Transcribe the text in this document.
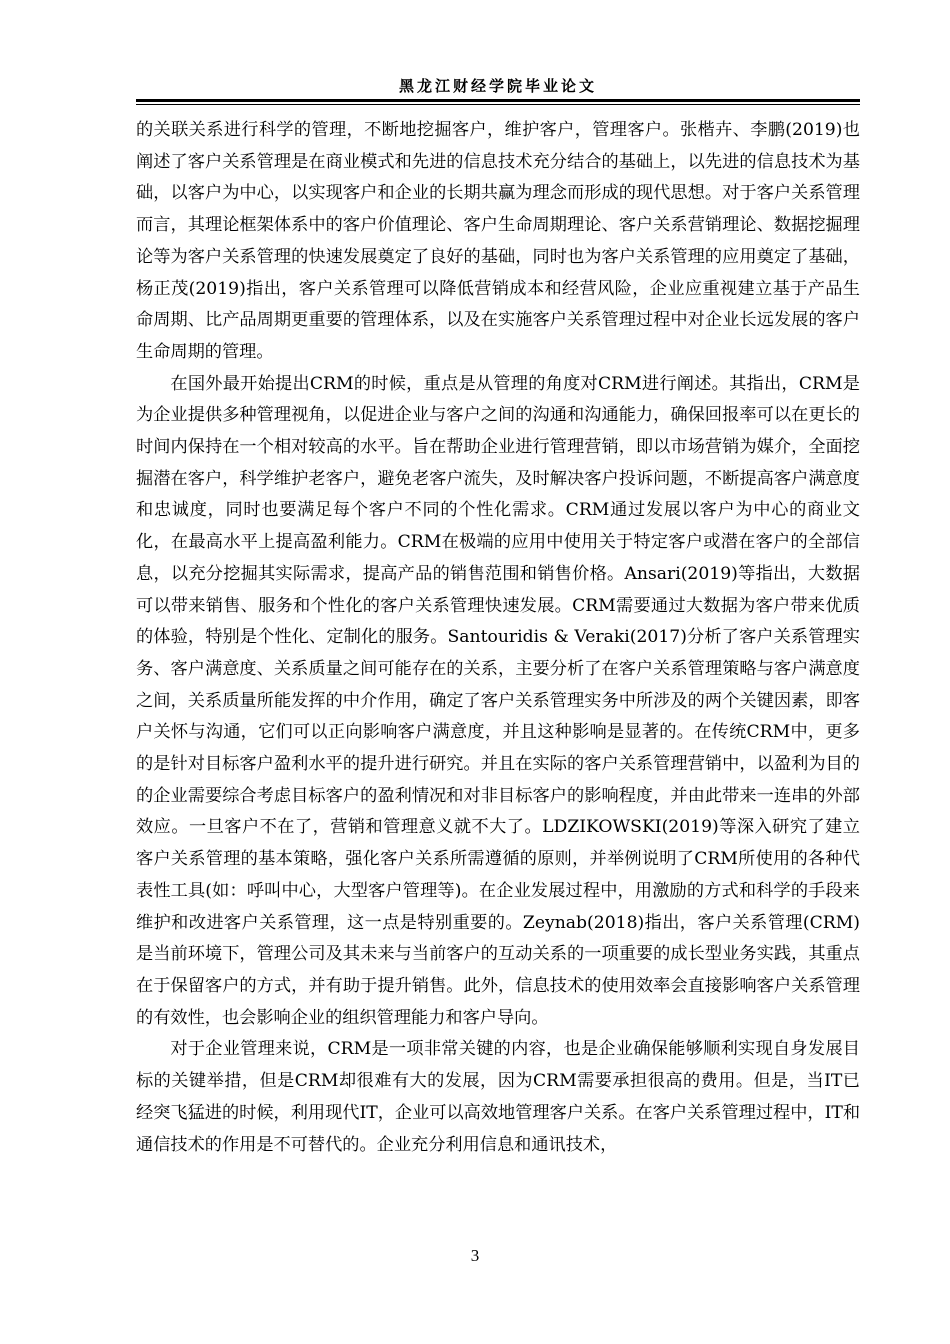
黑龙江财经学院毕业论文

的关联关系进行科学的管理，不断地挖掘客户，维护客户，管理客户。张楷卉、李鹏(2019)也阐述了客户关系管理是在商业模式和先进的信息技术充分结合的基础上，以先进的信息技术为基础，以客户为中心，以实现客户和企业的长期共赢为理念而形成的现代思想。对于客户关系管理而言，其理论框架体系中的客户价值理论、客户生命周期理论、客户关系营销理论、数据挖掘理论等为客户关系管理的快速发展奠定了良好的基础，同时也为客户关系管理的应用奠定了基础，杨正茂(2019)指出，客户关系管理可以降低营销成本和经营风险，企业应重视建立基于产品生命周期、比产品周期更重要的管理体系，以及在实施客户关系管理过程中对企业长远发展的客户生命周期的管理。

在国外最开始提出CRM的时候，重点是从管理的角度对CRM进行阐述。其指出，CRM是为企业提供多种管理视角，以促进企业与客户之间的沟通和沟通能力，确保回报率可以在更长的时间内保持在一个相对较高的水平。旨在帮助企业进行管理营销，即以市场营销为媒介，全面挖掘潜在客户，科学维护老客户，避免老客户流失，及时解决客户投诉问题，不断提高客户满意度和忠诚度，同时也要满足每个客户不同的个性化需求。CRM通过发展以客户为中心的商业文化，在最高水平上提高盈利能力。CRM在极端的应用中使用关于特定客户或潜在客户的全部信息，以充分挖掘其实际需求，提高产品的销售范围和销售价格。Ansari(2019)等指出，大数据可以带来销售、服务和个性化的客户关系管理快速发展。CRM需要通过大数据为客户带来优质的体验，特别是个性化、定制化的服务。Santouridis & Veraki(2017)分析了客户关系管理实务、客户满意度、关系质量之间可能存在的关系，主要分析了在客户关系管理策略与客户满意度之间，关系质量所能发挥的中介作用，确定了客户关系管理实务中所涉及的两个关键因素，即客户关怀与沟通，它们可以正向影响客户满意度，并且这种影响是显著的。在传统CRM中，更多的是针对目标客户盈利水平的提升进行研究。并且在实际的客户关系管理营销中，以盈利为目的的企业需要综合考虑目标客户的盈利情况和对非目标客户的影响程度，并由此带来一连串的外部效应。一旦客户不在了，营销和管理意义就不大了。LDZIKOWSKI(2019)等深入研究了建立客户关系管理的基本策略，强化客户关系所需遵循的原则，并举例说明了CRM所使用的各种代表性工具(如：呼叫中心，大型客户管理等)。在企业发展过程中，用激励的方式和科学的手段来维护和改进客户关系管理，这一点是特别重要的。Zeynab(2018)指出，客户关系管理(CRM)是当前环境下，管理公司及其未来与当前客户的互动关系的一项重要的成长型业务实践，其重点在于保留客户的方式，并有助于提升销售。此外，信息技术的使用效率会直接影响客户关系管理的有效性，也会影响企业的组织管理能力和客户导向。

对于企业管理来说，CRM是一项非常关键的内容，也是企业确保能够顺利实现自身发展目标的关键举措，但是CRM却很难有大的发展，因为CRM需要承担很高的费用。但是，当IT已经突飞猛进的时候，利用现代IT，企业可以高效地管理客户关系。在客户关系管理过程中，IT和通信技术的作用是不可替代的。企业充分利用信息和通讯技术，

3
